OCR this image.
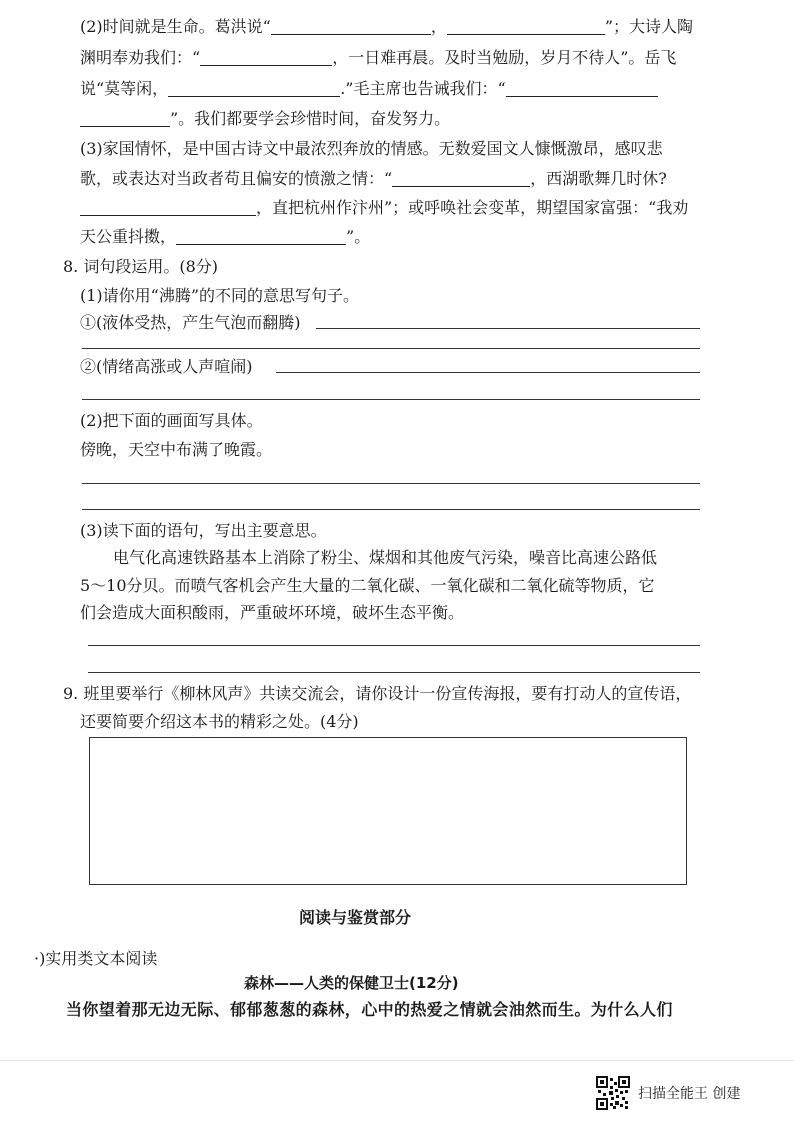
(2)时间就是生命。葛洪说“	，	”；大诗人陶
渊明奉劝我们：“	，一日难再晨。及时当勉励，岁月不待人”。岳飞
说“莫等闲，	.”毛主席也告诫我们：“
”。我们都要学会珍惜时间，奋发努力。
(3)家国情怀，是中国古诗文中最浓烈奔放的情感。无数爱国文人慷慨激昂，感叹悲
歌，或表达对当政者苟且偏安的愤激之情：“	，西湖歌舞几时休?
，直把杭州作汴州”；或呼唤社会变革，期望国家富强：“我劝
天公重抖擞，	”。
8. 词句段运用。(8分)
(1)请你用“沸腾”的不同的意思写句子。
①(液体受热，产生气泡而翻腾)
②(情绪高涨或人声喧闹)
(2)把下面的画面写具体。
傍晚，天空中布满了晚霞。
(3)读下面的语句，写出主要意思。
电气化高速铁路基本上消除了粉尘、煤烟和其他废气污染，噪音比高速公路低
5～10分贝。而喷气客机会产生大量的二氧化碳、一氧化碳和二氧化硫等物质，它
们会造成大面积酸雨，严重破坏环境，破坏生态平衡。
9. 班里要举行《柳林风声》共读交流会，请你设计一份宣传海报，要有打动人的宣传语，
还要简要介绍这本书的精彩之处。(4分)
阅读与鉴赏部分
·)实用类文本阅读
森林——人类的保健卫士(12分)
当你望着那无边无际、郁郁葱葱的森林，心中的热爱之情就会油然而生。为什么人们
扫描全能王 创建
